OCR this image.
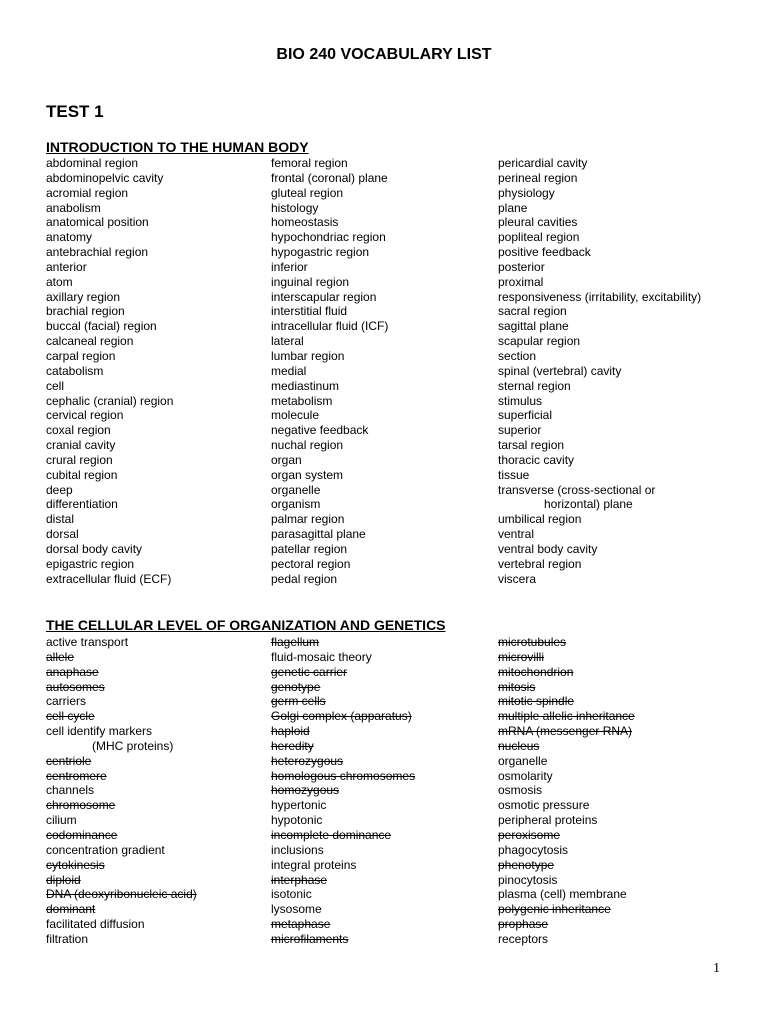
BIO 240 VOCABULARY LIST
TEST 1
INTRODUCTION TO THE HUMAN BODY
abdominal region
abdominopelvic cavity
acromial region
anabolism
anatomical position
anatomy
antebrachial region
anterior
atom
axillary region
brachial region
buccal (facial) region
calcaneal region
carpal region
catabolism
cell
cephalic (cranial) region
cervical region
coxal region
cranial cavity
crural region
cubital region
deep
differentiation
distal
dorsal
dorsal body cavity
epigastric region
extracellular fluid (ECF)
femoral region
frontal (coronal) plane
gluteal region
histology
homeostasis
hypochondriac region
hypogastric region
inferior
inguinal region
interscapular region
interstitial fluid
intracellular fluid (ICF)
lateral
lumbar region
medial
mediastinum
metabolism
molecule
negative feedback
nuchal region
organ
organ system
organelle
organism
palmar region
parasagittal plane
patellar region
pectoral region
pedal region
pericardial cavity
perineal region
physiology
plane
pleural cavities
popliteal region
positive feedback
posterior
proximal
responsiveness (irritability, excitability)
sacral region
sagittal plane
scapular region
section
spinal (vertebral) cavity
sternal region
stimulus
superficial
superior
tarsal region
thoracic cavity
tissue
transverse (cross-sectional or
horizontal) plane
umbilical region
ventral
ventral body cavity
vertebral region
viscera
THE CELLULAR LEVEL OF ORGANIZATION AND GENETICS
active transport
allele
anaphase
autosomes
carriers
cell cycle
cell identify markers
(MHC proteins)
centriole
centromere
channels
chromosome
cilium
codominance
concentration gradient
cytokinesis
diploid
DNA (deoxyribonucleic acid)
dominant
facilitated diffusion
filtration
flagellum
fluid-mosaic theory
genetic carrier
genotype
germ cells
Golgi complex (apparatus)
haploid
heredity
heterozygous
homologous chromosomes
homozygous
hypertonic
hypotonic
incomplete dominance
inclusions
integral proteins
interphase
isotonic
lysosome
metaphase
microfilaments
microtubules
microvilli
mitochondrion
mitosis
mitotic spindle
multiple allelic inheritance
mRNA (messenger RNA)
nucleus
organelle
osmolarity
osmosis
osmotic pressure
peripheral proteins
peroxisome
phagocytosis
phenotype
pinocytosis
plasma (cell) membrane
polygenic inheritance
prophase
receptors
1
